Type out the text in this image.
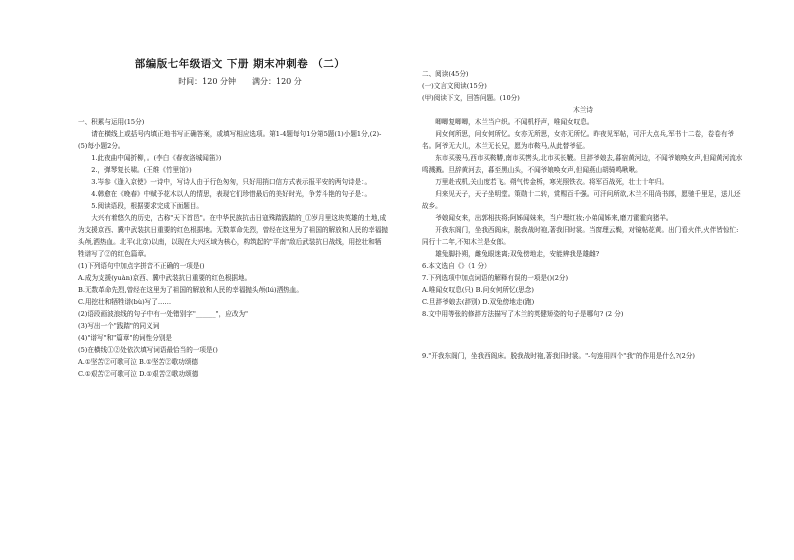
部编版七年级语文 下册 期末冲刺卷 （二）
时间：120 分钟　　满分：120 分

一、积累与运用(15分)

请在横线上或括号内填正地书写正确答案，或填写相应选项。第1-4题每句1分第5题(1)小题1分,(2)-(5)每小题2分。

1.此夜曲中闻折柳，。(李白《春夜洛城闻笛》)

2.，弹琴复长啸。(王维《竹里馆》)

3.岑参《逢入京使》一诗中，写诗人由于行色匆匆，只好用捎口信方式表示报平安的两句诗是：。

4.韩愈在《晚春》中赋予花木以人的情思，表现它们珍惜最后的美好时光，争芳斗艳的句子是：。

5.阅读语段，根据要求完成下面题目。

大兴有着悠久的历史，古称"天下首邑"。在中华民族抗击日寇殊踏践踏的_①岁月里这块英雄的土地,成为支援京西、冀中武装抗日重要的红色根据地。无数革命先烈，曾经在这里为了祖国的解放和人民的幸福抛头颅,洒热血。北平(北京)以南，以现在大兴区域为核心，构筑起的"平南"敌后武装抗日战线，用挖壮和牺牲谱写了②的红色篇章。

(1)下列语句中加点字拼音不正确的一项是()

A.成为支援(yuàn)京西、冀中武装抗日重要的红色根据地。

B.无数革命先烈,曾经在这里为了祖国的解放和人民的幸福抛头颅(lú)洒热血。

C.用挖壮和牺牲谱(bù)写了……

(2)语段画波浪线的句子中有一处错别字"______"，应改为"

(3)写出一个"践踏"的同义词

(4)"谱写"和"篇章"的词性分别是

(5)在横线①②处依次填写词语最恰当的一项是()

A.①坚苦②可歌可泣 B.①坚苦②歌功颂德

C.①艰苦②可歌可泣 D.①艰苦②歌功颂德

二、阅读(45分)

(一)文言文阅读(15分)

(甲)阅读下文，回答问题。(10分)

木兰诗

唧唧复唧唧，木兰当户织。不闻机杼声，唯闻女叹息。

问女何所思，问女何所忆。女亦无所思，女亦无所忆。昨夜见军帖，可汗大点兵,军书十二卷，卷卷有爷名。阿爷无大儿，木兰无长兄，愿为市鞍马,从此替爷征。

东市买骏马,西市买鞍鞯,南市买辔头,北市买长鞭。旦辞爷娘去,暮宿黄河边，不闻爷娘唤女声,但闻黄河流水鸣溅溅。旦辞黄河去，暮至黑山头，不闻爷娘唤女声,但闻燕山胡骑鸣啾啾。

万里赴戎机,关山度若飞。朔气传金柝，寒光照铁衣。将军百战死，壮士十年归。

归来见天子，天子坐明堂。策勋十二转，赏赐百千强。可汗问所欲,木兰不用尚书郎，愿驰千里足，送儿还故乡。

爷娘闻女来，出郭相扶将;阿姊闻妹来，当户理红妆;小弟闻姊来,磨刀霍霍向猪羊。

开我东阁门，坐我西阁床，脱我战时袍,著我旧时裳。当窗理云鬓，对镜帖花黄。出门看火伴,火伴皆惊忙:同行十二年,不知木兰是女郎。

雄兔脚扑朔，雌兔眼迷离;双兔傍地走，安能辨我是雄雌?

6.本文选自《》（1 分）

7.下列选项中加点词语的解释有误的一项是()(2分)

A.唯闻女叹息(只) B.问女何所忆(思念)

C.旦辞爷娘去(辞别) D.双兔傍地走(跑)

8.文中用等张的修辞方法描写了木兰的英健矫姿的句子是哪句? (2 分)

9."开我东阁门，坐我西阁床。脱我战时袍,著我旧时裳。"-句连用四个"我"的作用是什么?(2分)
